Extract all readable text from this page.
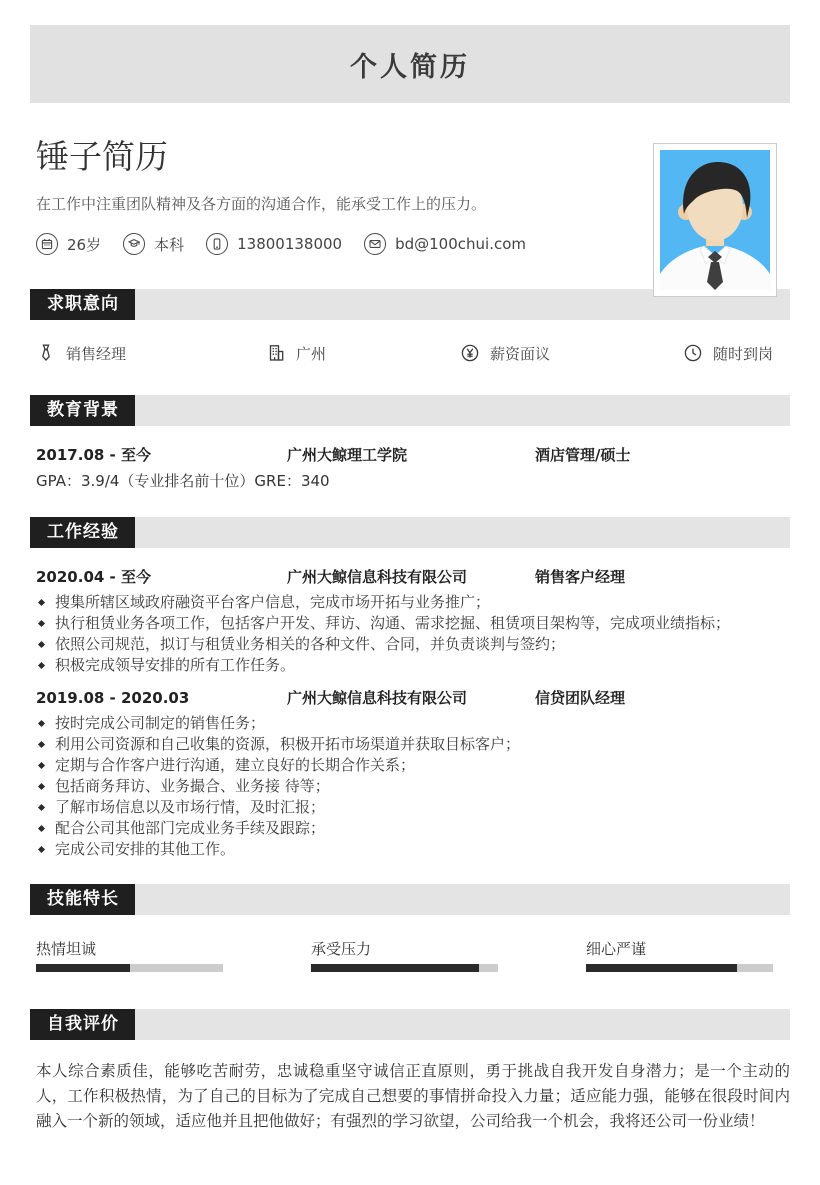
个人简历
锤子简历
在工作中注重团队精神及各方面的沟通合作，能承受工作上的压力。
26岁	本科	13800138000	bd@100chui.com
求职意向
销售经理	广州	薪资面议	随时到岗
教育背景
2017.08 - 至今	广州大鲸理工学院	酒店管理/硕士
GPA：3.9/4（专业排名前十位）GRE：340
工作经验
2020.04 - 至今	广州大鲸信息科技有限公司	销售客户经理
搜集所辖区域政府融资平台客户信息，完成市场开拓与业务推广；
执行租赁业务各项工作，包括客户开发、拜访、沟通、需求挖掘、租赁项目架构等，完成项业绩指标；
依照公司规范，拟订与租赁业务相关的各种文件、合同，并负责谈判与签约；
积极完成领导安排的所有工作任务。
2019.08 - 2020.03	广州大鲸信息科技有限公司	信贷团队经理
按时完成公司制定的销售任务；
利用公司资源和自己收集的资源，积极开拓市场渠道并获取目标客户；
定期与合作客户进行沟通，建立良好的长期合作关系；
包括商务拜访、业务撮合、业务接 待等；
了解市场信息以及市场行情，及时汇报；
配合公司其他部门完成业务手续及跟踪；
完成公司安排的其他工作。
技能特长
热情坦诚	承受压力	细心严谨
自我评价
本人综合素质佳，能够吃苦耐劳，忠诚稳重坚守诚信正直原则，勇于挑战自我开发自身潜力；是一个主动的人，工作积极热情，为了自己的目标为了完成自己想要的事情拼命投入力量；适应能力强，能够在很段时间内融入一个新的领域，适应他并且把他做好；有强烈的学习欲望，公司给我一个机会，我将还公司一份业绩！
